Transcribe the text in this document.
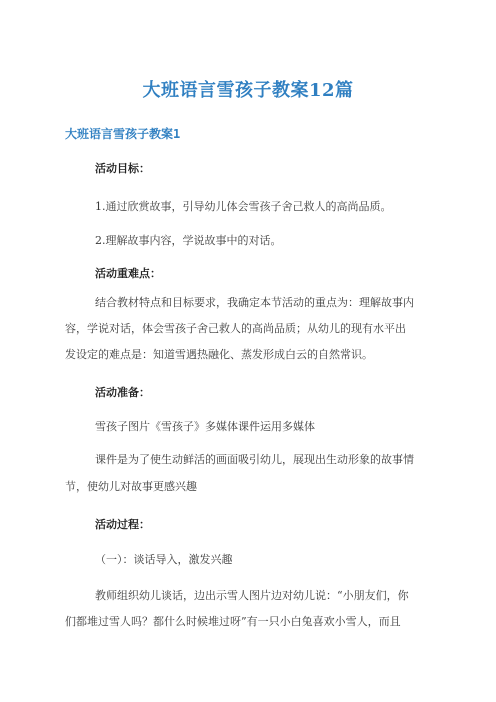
大班语言雪孩子教案12篇
大班语言雪孩子教案1
活动目标：
1.通过欣赏故事，引导幼儿体会雪孩子舍己救人的高尚品质。
2.理解故事内容，学说故事中的对话。
活动重难点：
结合教材特点和目标要求，我确定本节活动的重点为：理解故事内
容，学说对话，体会雪孩子舍己救人的高尚品质；从幼儿的现有水平出
发设定的难点是：知道雪遇热融化、蒸发形成白云的自然常识。
活动准备：
雪孩子图片《雪孩子》多媒体课件运用多媒体
课件是为了使生动鲜活的画面吸引幼儿，展现出生动形象的故事情
节，使幼儿对故事更感兴趣
活动过程：
（一）：谈话导入，激发兴趣
教师组织幼儿谈话，边出示雪人图片边对幼儿说：“小朋友们，你
们都堆过雪人吗？都什么时候堆过呀”有一只小白兔喜欢小雪人，而且
